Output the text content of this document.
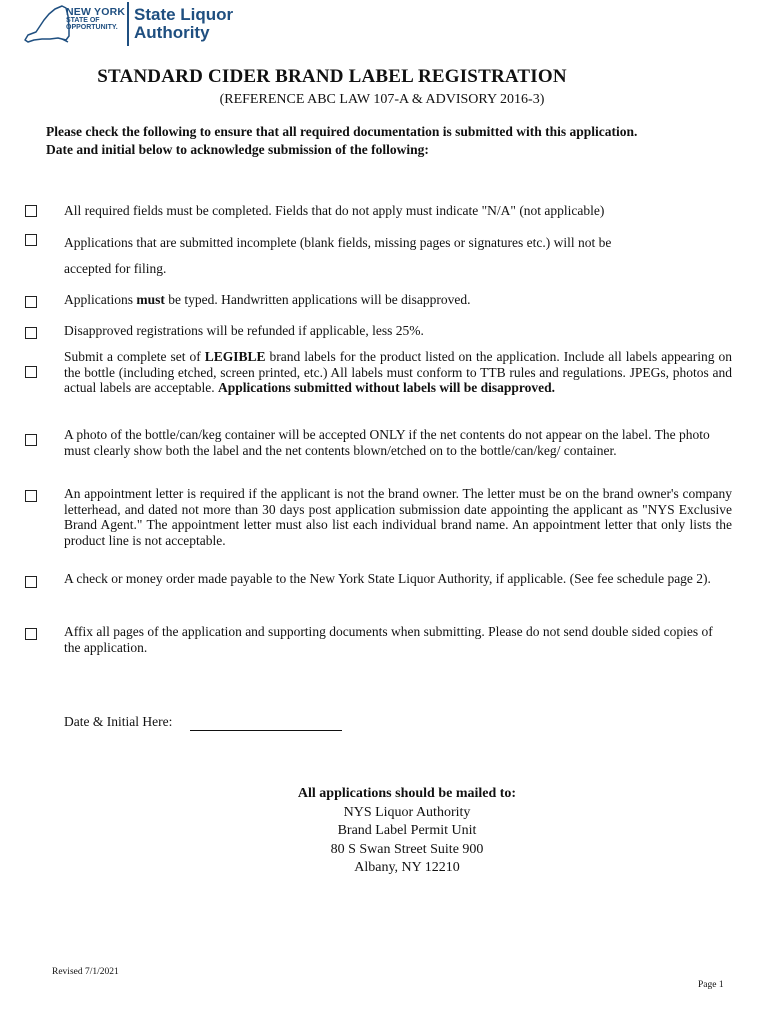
NEW YORK
STATE OF
OPPORTUNITY.
State Liquor
Authority
STANDARD CIDER BRAND LABEL REGISTRATION
(REFERENCE ABC LAW 107-A & ADVISORY 2016-3)
Please check the following to ensure that all required documentation is submitted with this application.
Date and initial below to acknowledge submission of the following:
All required fields must be completed. Fields that do not apply must indicate "N/A" (not applicable)
Applications that are submitted incomplete (blank fields, missing pages or signatures etc.) will not be
accepted for filing.
Applications must be typed. Handwritten applications will be disapproved.
Disapproved registrations will be refunded if applicable, less 25%.
Submit a complete set of LEGIBLE brand labels for the product listed on the application. Include all labels appearing on the bottle (including etched, screen printed, etc.) All labels must conform to TTB rules and regulations. JPEGs, photos and actual labels are acceptable. Applications submitted without labels will be disapproved.
A photo of the bottle/can/keg container will be accepted ONLY if the net contents do not appear on the label. The photo must clearly show both the label and the net contents blown/etched on to the bottle/can/keg/ container.
An appointment letter is required if the applicant is not the brand owner. The letter must be on the brand owner's company letterhead, and dated not more than 30 days post application submission date appointing the applicant as "NYS Exclusive Brand Agent." The appointment letter must also list each individual brand name. An appointment letter that only lists the product line is not acceptable.
A check or money order made payable to the New York State Liquor Authority, if applicable. (See fee schedule page 2).
Affix all pages of the application and supporting documents when submitting. Please do not send double sided copies of the application.
Date & Initial Here:
All applications should be mailed to:
NYS Liquor Authority
Brand Label Permit Unit
80 S Swan Street Suite 900
Albany, NY 12210
Revised 7/1/2021
Page 1
